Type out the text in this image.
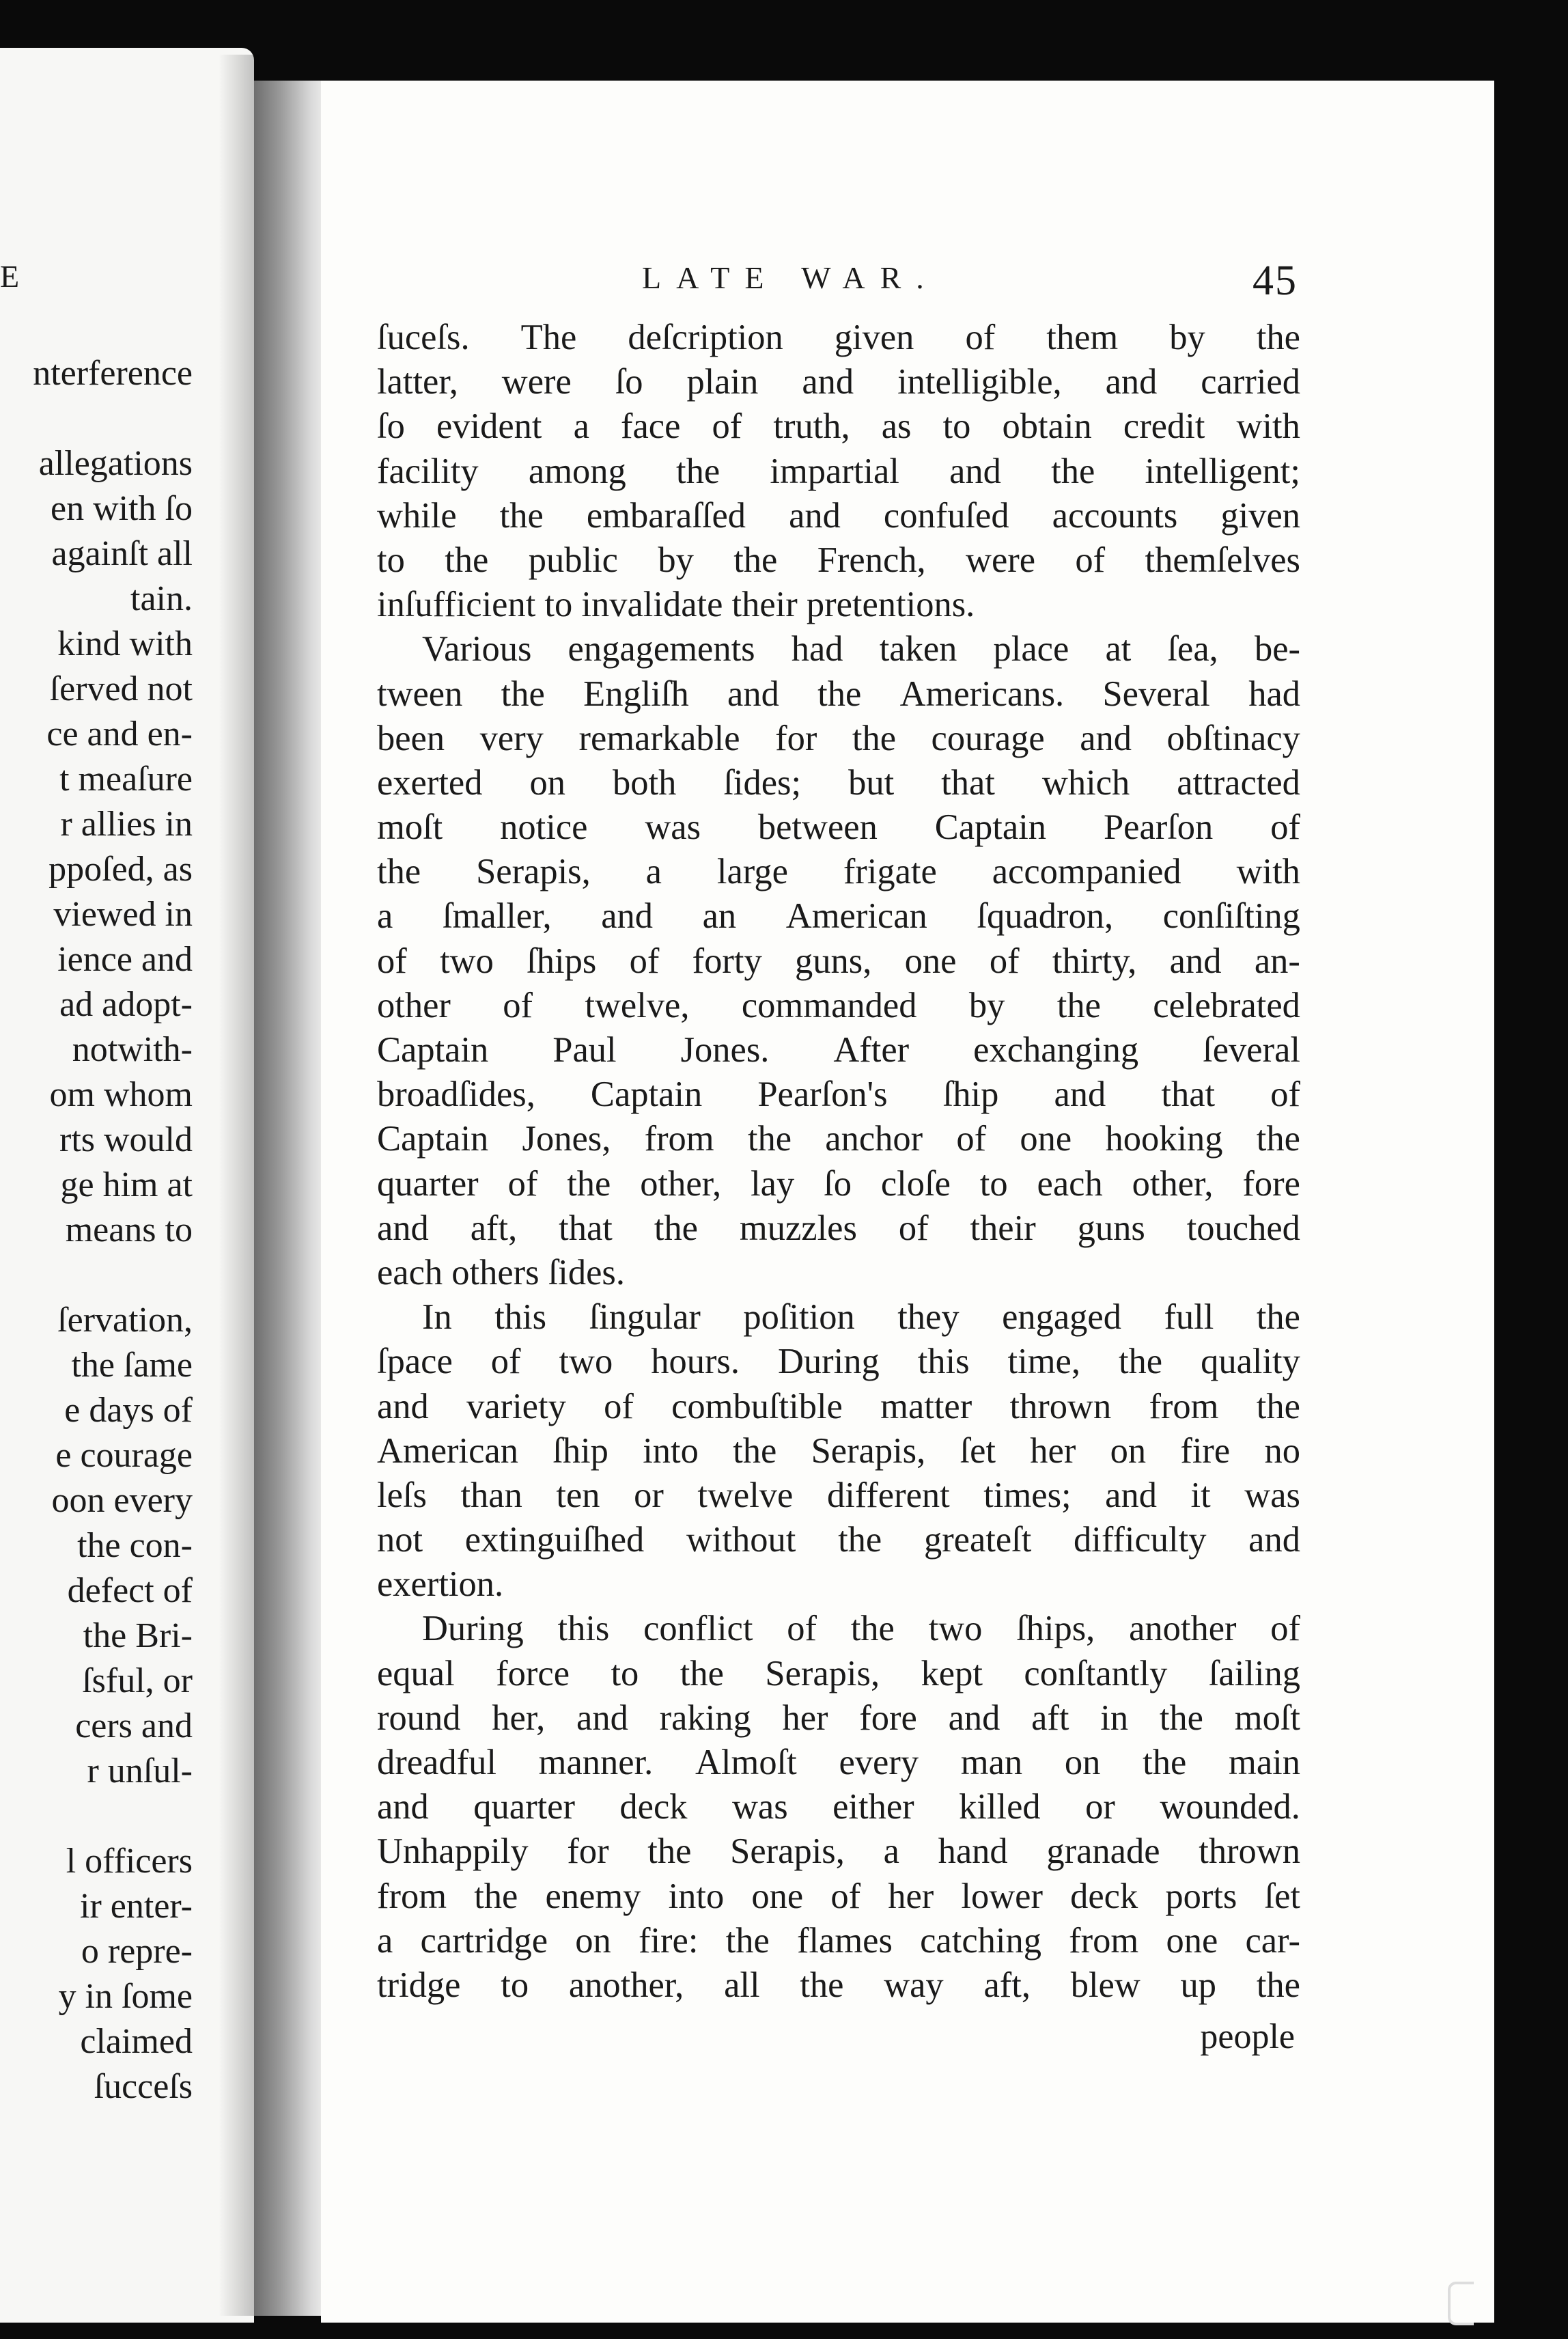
E
nterference
allegations
en with ſo
againſt all
tain.
kind with
ſerved not
ce and en-
t meaſure
r allies in
ppoſed, as
viewed in
ience and
ad adopt-
notwith-
om whom
rts would
ge him at
means to
ſervation,
the ſame
e days of
e courage
oon every
the con-
defect of
the Bri-
ſsful, or
cers and
r unſul-
l officers
ir enter-
o repre-
y in ſome
claimed
ſucceſs
LATE WAR.	45
ſuceſs. The deſcription given of them by the
latter, were ſo plain and intelligible, and carried
ſo evident a face of truth, as to obtain credit with
facility among the impartial and the intelligent;
while the embaraſſed and confuſed accounts given
to the public by the French, were of themſelves
inſufficient to invalidate their pretentions.
Various engagements had taken place at ſea, be-
tween the Engliſh and the Americans. Several had
been very remarkable for the courage and obſtinacy
exerted on both ſides; but that which attracted
moſt notice was between Captain Pearſon of
the Serapis, a large frigate accompanied with
a ſmaller, and an American ſquadron, conſiſting
of two ſhips of forty guns, one of thirty, and an-
other of twelve, commanded by the celebrated
Captain Paul Jones. After exchanging ſeveral
broadſides, Captain Pearſon's ſhip and that of
Captain Jones, from the anchor of one hooking the
quarter of the other, lay ſo cloſe to each other, fore
and aft, that the muzzles of their guns touched
each others ſides.
In this ſingular poſition they engaged full the
ſpace of two hours. During this time, the quality
and variety of combuſtible matter thrown from the
American ſhip into the Serapis, ſet her on fire no
leſs than ten or twelve different times; and it was
not extinguiſhed without the greateſt difficulty and
exertion.
During this conflict of the two ſhips, another of
equal force to the Serapis, kept conſtantly ſailing
round her, and raking her fore and aft in the moſt
dreadful manner. Almoſt every man on the main
and quarter deck was either killed or wounded.
Unhappily for the Serapis, a hand granade thrown
from the enemy into one of her lower deck ports ſet
a cartridge on fire: the flames catching from one car-
tridge to another, all the way aft, blew up the
people
